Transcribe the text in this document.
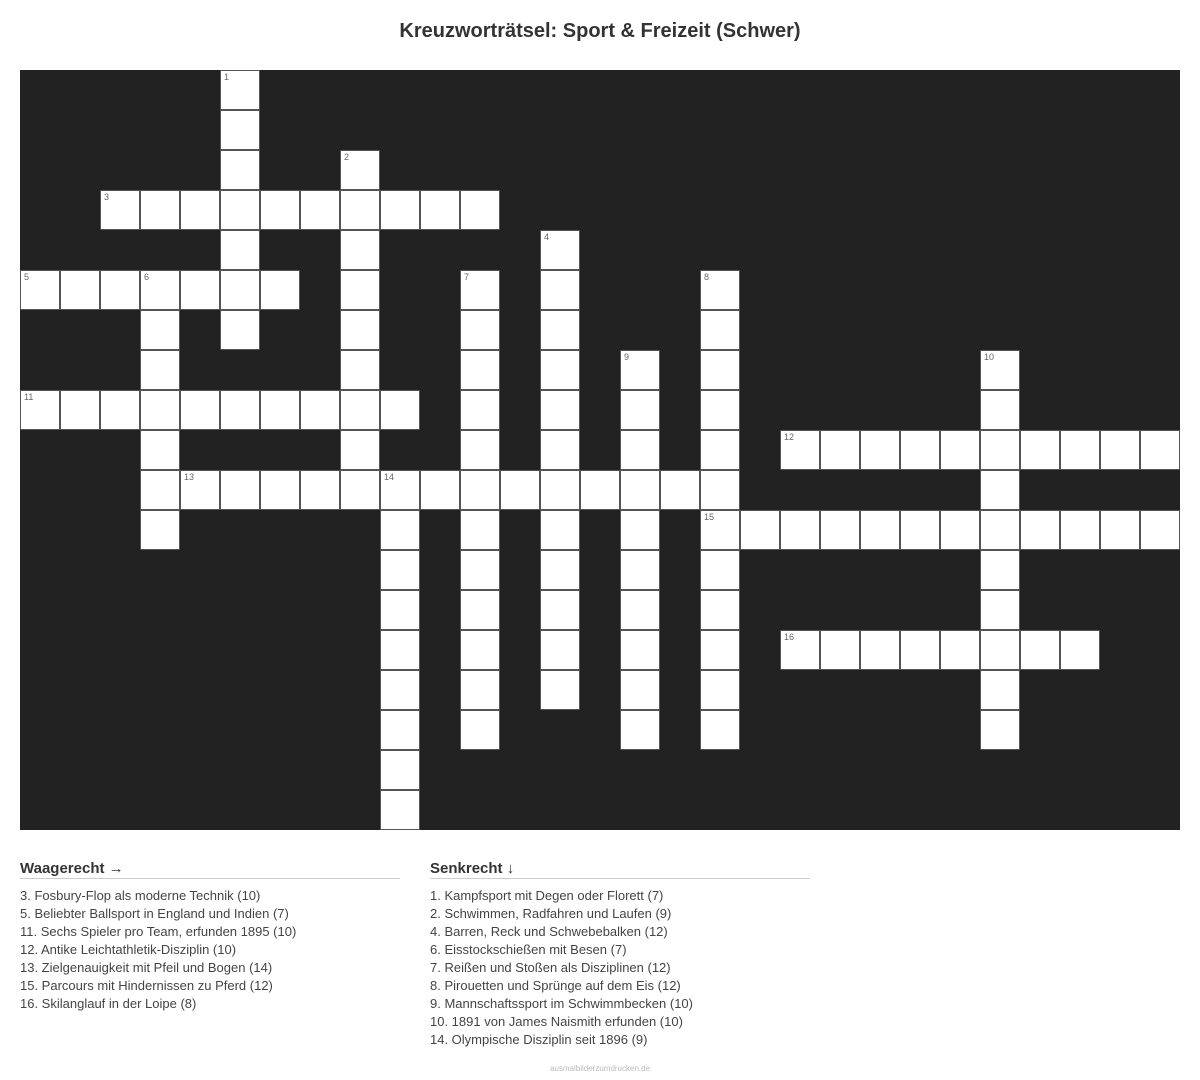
Kreuzworträtsel: Sport & Freizeit (Schwer)
1
2
3
4
5	6	7	8
15
9	10
11
12
13	14
16
Waagerecht →
3. Fosbury-Flop als moderne Technik (10)
5. Beliebter Ballsport in England und Indien (7)
11. Sechs Spieler pro Team, erfunden 1895 (10)
12. Antike Leichtathletik-Disziplin (10)
13. Zielgenauigkeit mit Pfeil und Bogen (14)
15. Parcours mit Hindernissen zu Pferd (12)
16. Skilanglauf in der Loipe (8)
Senkrecht ↓
1. Kampfsport mit Degen oder Florett (7)
2. Schwimmen, Radfahren und Laufen (9)
4. Barren, Reck und Schwebebalken (12)
6. Eisstockschießen mit Besen (7)
7. Reißen und Stoßen als Disziplinen (12)
8. Pirouetten und Sprünge auf dem Eis (12)
9. Mannschaftssport im Schwimmbecken (10)
10. 1891 von James Naismith erfunden (10)
14. Olympische Disziplin seit 1896 (9)
ausmalbilderzumdrucken.de
